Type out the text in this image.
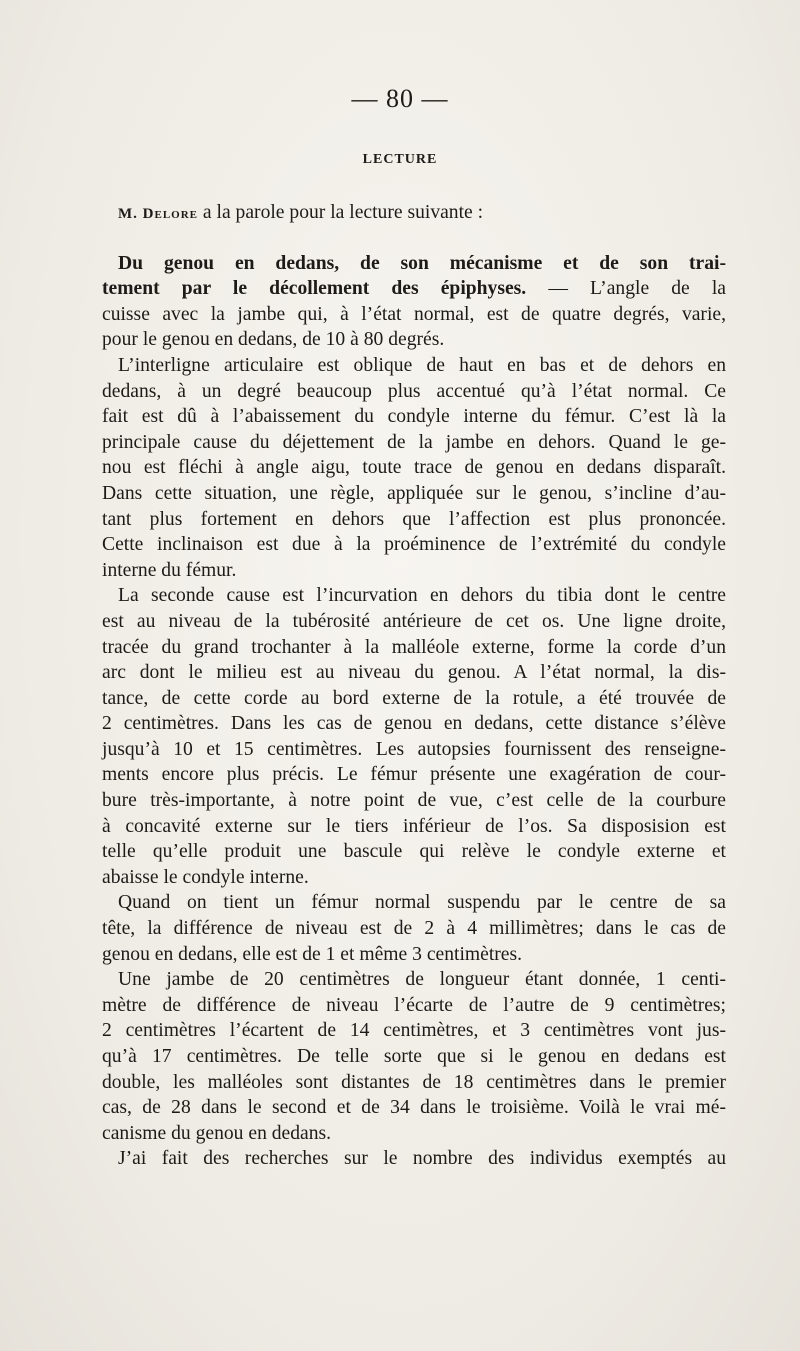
— 80 —
LECTURE
M. Delore a la parole pour la lecture suivante :
Du genou en dedans, de son mécanisme et de son trai-
tement par le décollement des épiphyses. — L’angle de la
cuisse avec la jambe qui, à l’état normal, est de quatre degrés, varie,
pour le genou en dedans, de 10 à 80 degrés.
L’interligne articulaire est oblique de haut en bas et de dehors en
dedans, à un degré beaucoup plus accentué qu’à l’état normal. Ce
fait est dû à l’abaissement du condyle interne du fémur. C’est là la
principale cause du déjettement de la jambe en dehors. Quand le ge-
nou est fléchi à angle aigu, toute trace de genou en dedans disparaît.
Dans cette situation, une règle, appliquée sur le genou, s’incline d’au-
tant plus fortement en dehors que l’affection est plus prononcée.
Cette inclinaison est due à la proéminence de l’extrémité du condyle
interne du fémur.
La seconde cause est l’incurvation en dehors du tibia dont le centre
est au niveau de la tubérosité antérieure de cet os. Une ligne droite,
tracée du grand trochanter à la malléole externe, forme la corde d’un
arc dont le milieu est au niveau du genou. A l’état normal, la dis-
tance, de cette corde au bord externe de la rotule, a été trouvée de
2 centimètres. Dans les cas de genou en dedans, cette distance s’élève
jusqu’à 10 et 15 centimètres. Les autopsies fournissent des renseigne-
ments encore plus précis. Le fémur présente une exagération de cour-
bure très-importante, à notre point de vue, c’est celle de la courbure
à concavité externe sur le tiers inférieur de l’os. Sa disposision est
telle qu’elle produit une bascule qui relève le condyle externe et
abaisse le condyle interne.
Quand on tient un fémur normal suspendu par le centre de sa
tête, la différence de niveau est de 2 à 4 millimètres; dans le cas de
genou en dedans, elle est de 1 et même 3 centimètres.
Une jambe de 20 centimètres de longueur étant donnée, 1 centi-
mètre de différence de niveau l’écarte de l’autre de 9 centimètres;
2 centimètres l’écartent de 14 centimètres, et 3 centimètres vont jus-
qu’à 17 centimètres. De telle sorte que si le genou en dedans est
double, les malléoles sont distantes de 18 centimètres dans le premier
cas, de 28 dans le second et de 34 dans le troisième. Voilà le vrai mé-
canisme du genou en dedans.
J’ai fait des recherches sur le nombre des individus exemptés au
